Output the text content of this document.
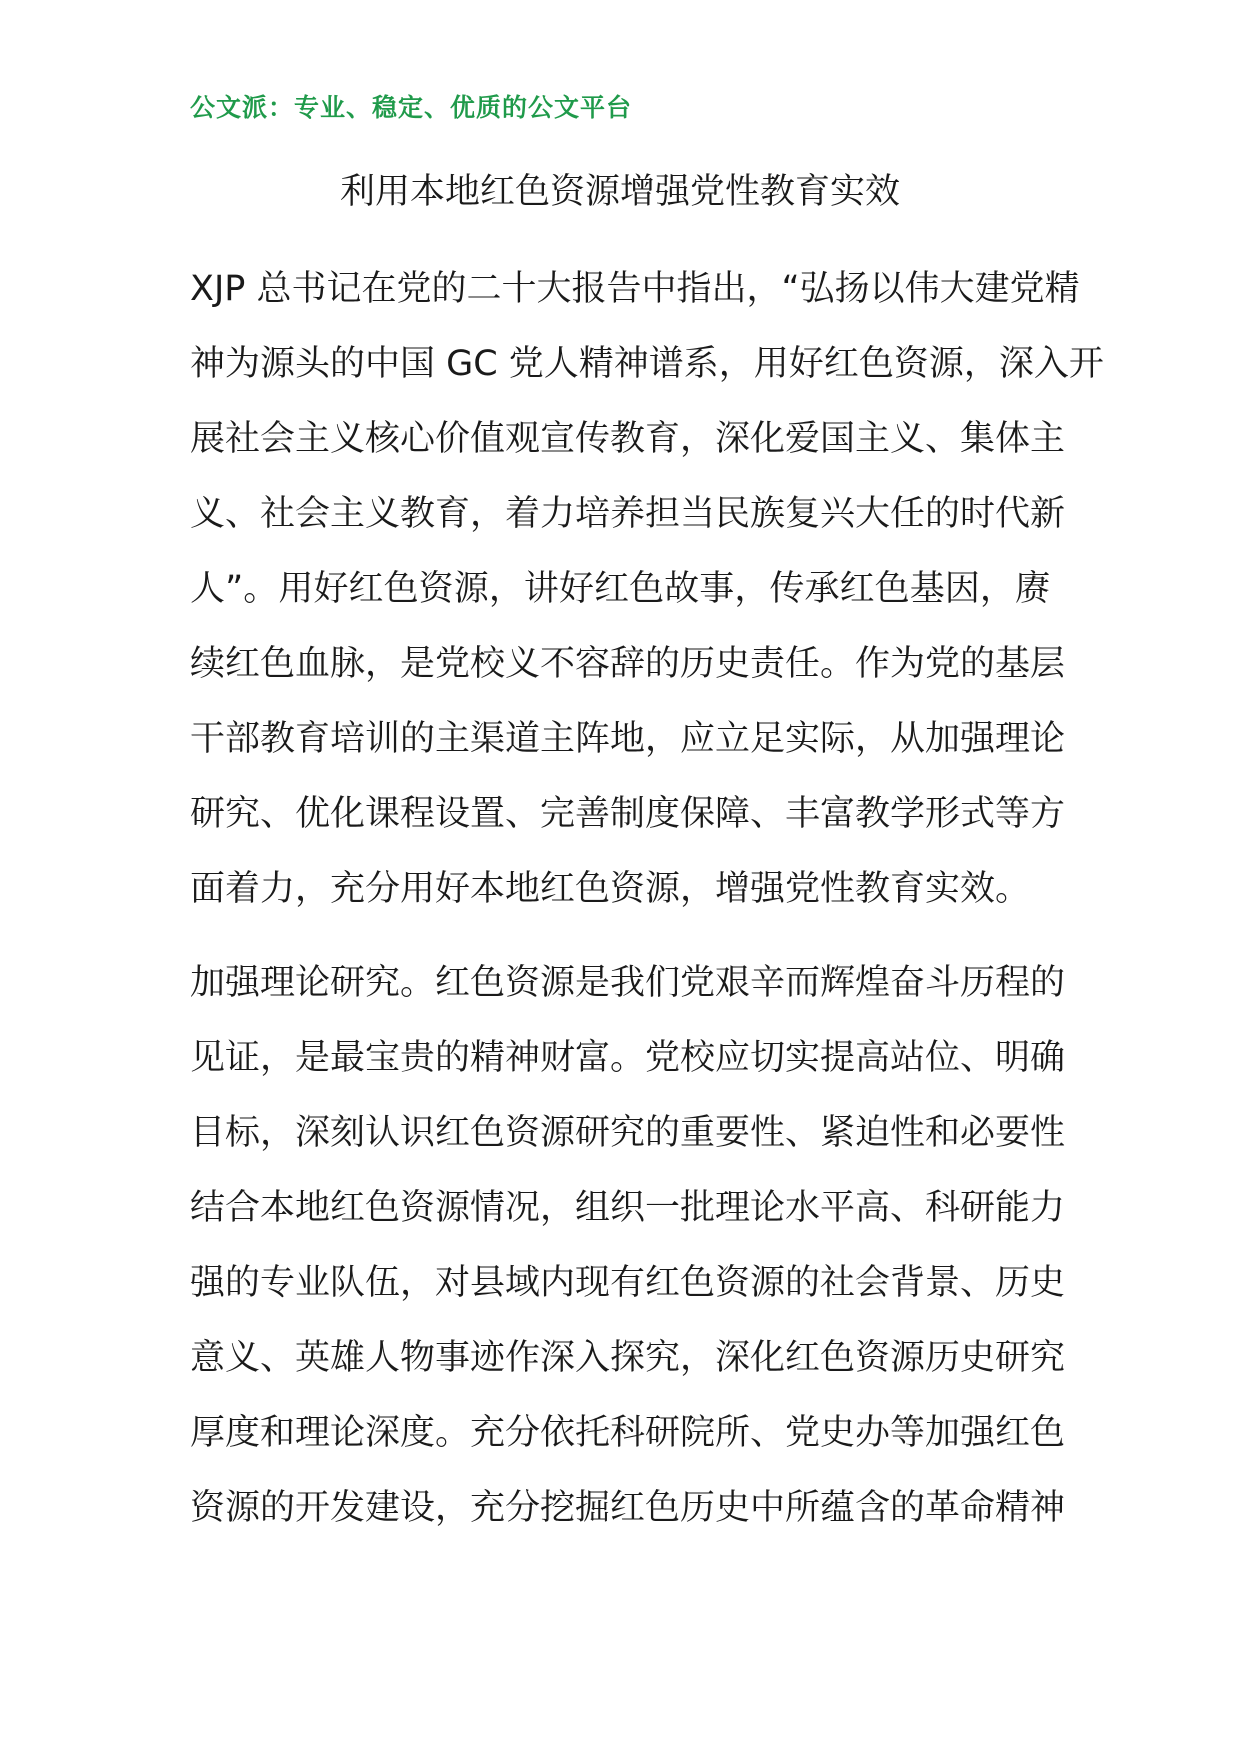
公文派：专业、稳定、优质的公文平台
利用本地红色资源增强党性教育实效
XJP 总书记在党的二十大报告中指出，“弘扬以伟大建党精
神为源头的中国 GC 党人精神谱系，用好红色资源，深入开
展社会主义核心价值观宣传教育，深化爱国主义、集体主
义、社会主义教育，着力培养担当民族复兴大任的时代新
人”。用好红色资源，讲好红色故事，传承红色基因，赓
续红色血脉，是党校义不容辞的历史责任。作为党的基层
干部教育培训的主渠道主阵地，应立足实际，从加强理论
研究、优化课程设置、完善制度保障、丰富教学形式等方
面着力，充分用好本地红色资源，增强党性教育实效。
加强理论研究。红色资源是我们党艰辛而辉煌奋斗历程的
见证，是最宝贵的精神财富。党校应切实提高站位、明确
目标，深刻认识红色资源研究的重要性、紧迫性和必要性
结合本地红色资源情况，组织一批理论水平高、科研能力
强的专业队伍，对县域内现有红色资源的社会背景、历史
意义、英雄人物事迹作深入探究，深化红色资源历史研究
厚度和理论深度。充分依托科研院所、党史办等加强红色
资源的开发建设，充分挖掘红色历史中所蕴含的革命精神
